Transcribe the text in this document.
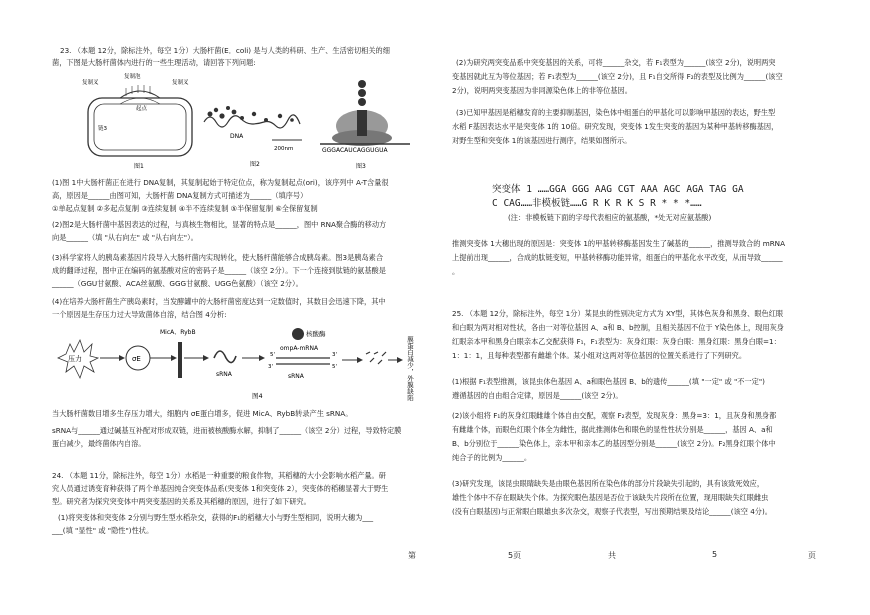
23. （本题 12分，除标注外，每空 1分）大肠杆菌(E．coli) 是与人类的科研、生产、生活密切相关的细

菌，下图是大肠杆菌体内进行的一些生理活动，请回答下列问题:

复制叉	复制叉
复制泡
起点
链3
图1
DNA
200nm
图2
GGGACAUCAGGUGUA
图3

(1)图 1中大肠杆菌正在进行 DNA复制，其复制起始于特定位点，称为复制起点(ori)，该序列中 A-T含量很

高，原因是______由图可知，大肠杆菌 DNA复制方式可描述为______（填序号）

①单起点复制 ②多起点复制 ③连续复制 ④半不连续复制 ⑤半保留复制 ⑥全保留复制

(2)图2是大肠杆菌中基因表达的过程，与真核生物相比，显著的特点是______，图中 RNA聚合酶的移动方

向是______（填 "从右向左" 或 "从右向左"）。

(3)科学家将人的胰岛素基因片段导入大肠杆菌内实现转化，使大肠杆菌能够合成胰岛素。图3是胰岛素合

成的翻译过程，图中正在编码的氨基酸对应的密码子是______（该空 2分）。下一个连接到肽链的氨基酸是

______（GGU甘氨酸、ACA丝氨酸、GGG甘氨酸、UGG色氨酸）（该空 2分）。

(4)在培养大肠杆菌生产胰岛素时，当发酵罐中的大肠杆菌密度达到一定数值时，其数目会迅速下降，其中

一个原因是生存压力过大导致菌体自溶，结合图 4分析:

压力	σE
MicA、RybB
sRNA
核酸酶
5'	3'
3'	5'
ompA-mRNA
sRNA	膜蛋白减少，外膜缺陷
图4

当大肠杆菌数目增多生存压力增大，细胞内 σE蛋白增多，促进 MicA、RybB转录产生 sRNA。

sRNA与______通过碱基互补配对形成双链，进而被核酸酶水解，抑制了______（该空 2分）过程，导致特定膜

蛋白减少，最终菌体内自溶。

24. （本题 11分，除标注外，每空 1分）水稻是一种重要的粮食作物，其稻穗的大小会影响水稻产量。研

究人员通过诱变育种获得了两个单基因纯合突变体品系(突变体 1和突变体 2），突变体的稻穗显著大于野生

型。研究者为探究突变体中两突变基因的关系及其稻穗的原因，进行了如下研究。

(1)将突变体和突变体 2分别与野生型水稻杂交，获得的F₁的稻穗大小与野生型相同，说明大穗为___

___(填 "显性" 或 "隐性")性状。

(2)为研究两突变品系中突变基因的关系，可将______杂交，若 F₁表型为______(该空 2分)，说明两突

变基因就此互为等位基因；若 F₁表型为______(该空 2分)，且 F₁自交所得 F₂的表型及比例为______(该空

2分)，说明两突变基因为非同源染色体上的非等位基因。

(3)已知甲基因是稻穗发育的主要抑制基因，染色体中组蛋白的甲基化可以影响甲基因的表达，野生型

水稻 F基因表达水平是突变体 1的 10倍。研究发现，突变体 1发生突变的基因为某种甲基转移酶基因，

对野生型和突变体 1的该基因进行测序，结果如图所示。

突变体 1 ……GGA GGG AAG CGT AAA AGC AGA TAG GA

C CAG……非模板链……G R K R K S R * * *……

(注：非模板链下面的字母代表相应的氨基酸，*处无对应氨基酸)

推测突变体 1大穗出现的原因是：突变体 1的甲基转移酶基因发生了碱基的______，推测导致合的 mRNA

上提前出现______，合成的肽链变短，甲基转移酶功能异常，组蛋白的甲基化水平改变，从而导致______

。

25. （本题 12分，除标注外，每空 1分）某昆虫的性别决定方式为 XY型，其体色灰身和黑身、眼色红眼

和白眼为两对相对性状，各由一对等位基因 A、a和 B、b控制，且相关基因不位于 Y染色体上，现用灰身

红眼亲本甲和黑身白眼亲本乙交配获得 F₁，F₁表型为：灰身红眼：灰身白眼：黑身红眼：黑身白眼=1：

1：1：1，且每种表型都有雌雄个体。某小组对这两对等位基因的位置关系进行了下列研究。

(1)根据 F₁表型推测，该昆虫体色基因 A、a和眼色基因 B、b的遗传______(填 "一定" 或 "不一定")

遵循基因的自由组合定律，原因是______(该空 2分)。

(2)该小组将 F₁的灰身红眼雌雄个体自由交配，观察 F₂表型，发现灰身：黑身=3：1，且灰身和黑身都

有雌雄个体，而眼色红眼个体全为雌性，据此推测体色和眼色的显性性状分别是______，基因 A、a和

B、b分别位于______染色体上，亲本甲和亲本乙的基因型分别是______(该空 2分)。F₂黑身红眼个体中

纯合子的比例为______。

(3)研究发现，该昆虫眼睛缺失是由眼色基因所在染色体的部分片段缺失引起的，具有该致死效应，

雄性个体中不存在眼缺失个体。为探究眼色基因是否位于该缺失片段所在位置，现用眼缺失红眼雌虫

(没有白眼基因)与正常眼白眼雄虫多次杂交，观察子代表型，写出预期结果及结论______(该空 4分)。

第	5页	共	5	页
